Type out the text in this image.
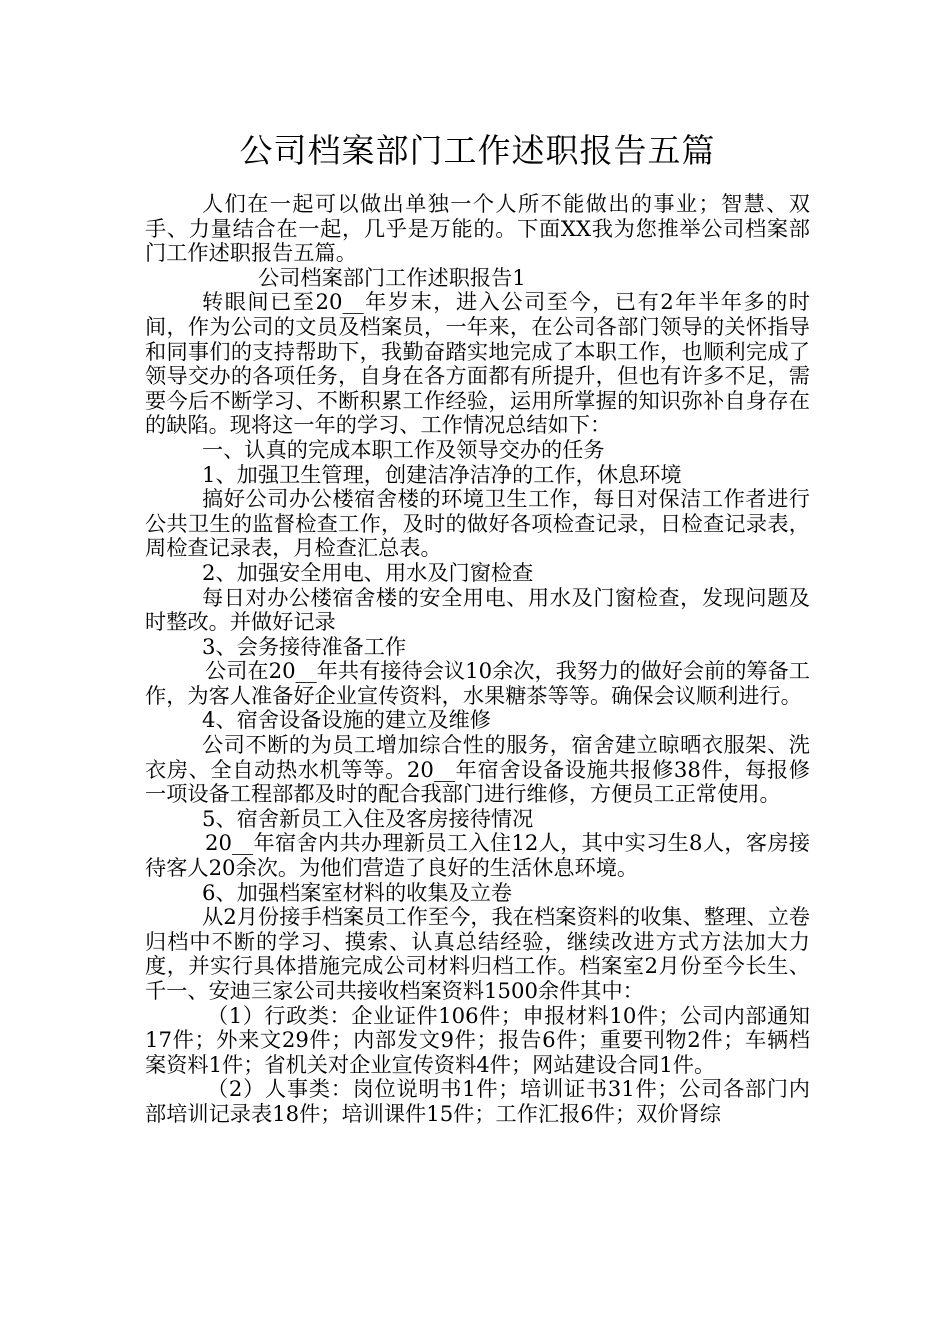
公司档案部门工作述职报告五篇

人们在一起可以做出单独一个人所不能做出的事业；智慧、双手、力量结合在一起，几乎是万能的。下面XX我为您推举公司档案部门工作述职报告五篇。

公司档案部门工作述职报告1

转眼间已至20__年岁末，进入公司至今，已有2年半年多的时间，作为公司的文员及档案员，一年来，在公司各部门领导的关怀指导和同事们的支持帮助下，我勤奋踏实地完成了本职工作，也顺利完成了领导交办的各项任务，自身在各方面都有所提升，但也有许多不足，需要今后不断学习、不断积累工作经验，运用所掌握的知识弥补自身存在的缺陷。现将这一年的学习、工作情况总结如下：

一、认真的完成本职工作及领导交办的任务

1、加强卫生管理，创建洁净洁净的工作，休息环境

搞好公司办公楼宿舍楼的环境卫生工作，每日对保洁工作者进行公共卫生的监督检查工作，及时的做好各项检查记录，日检查记录表，周检查记录表，月检查汇总表。

2、加强安全用电、用水及门窗检查

每日对办公楼宿舍楼的安全用电、用水及门窗检查，发现问题及时整改。并做好记录

3、会务接待准备工作

公司在20__年共有接待会议10余次，我努力的做好会前的筹备工作，为客人准备好企业宣传资料，水果糖茶等等。确保会议顺利进行。

4、宿舍设备设施的建立及维修

公司不断的为员工增加综合性的服务，宿舍建立晾晒衣服架、洗衣房、全自动热水机等等。20__年宿舍设备设施共报修38件，每报修一项设备工程部都及时的配合我部门进行维修，方便员工正常使用。

5、宿舍新员工入住及客房接待情况

20__年宿舍内共办理新员工入住12人，其中实习生8人，客房接待客人20余次。为他们营造了良好的生活休息环境。

6、加强档案室材料的收集及立卷

从2月份接手档案员工作至今，我在档案资料的收集、整理、立卷归档中不断的学习、摸索、认真总结经验，继续改进方式方法加大力度，并实行具体措施完成公司材料归档工作。档案室2月份至今长生、千一、安迪三家公司共接收档案资料1500余件其中：

（1）行政类：企业证件106件；申报材料10件；公司内部通知17件；外来文29件；内部发文9件；报告6件；重要刊物2件；车辆档案资料1件；省机关对企业宣传资料4件；网站建设合同1件。

（2）人事类：岗位说明书1件；培训证书31件；公司各部门内部培训记录表18件；培训课件15件；工作汇报6件；双价肾综
